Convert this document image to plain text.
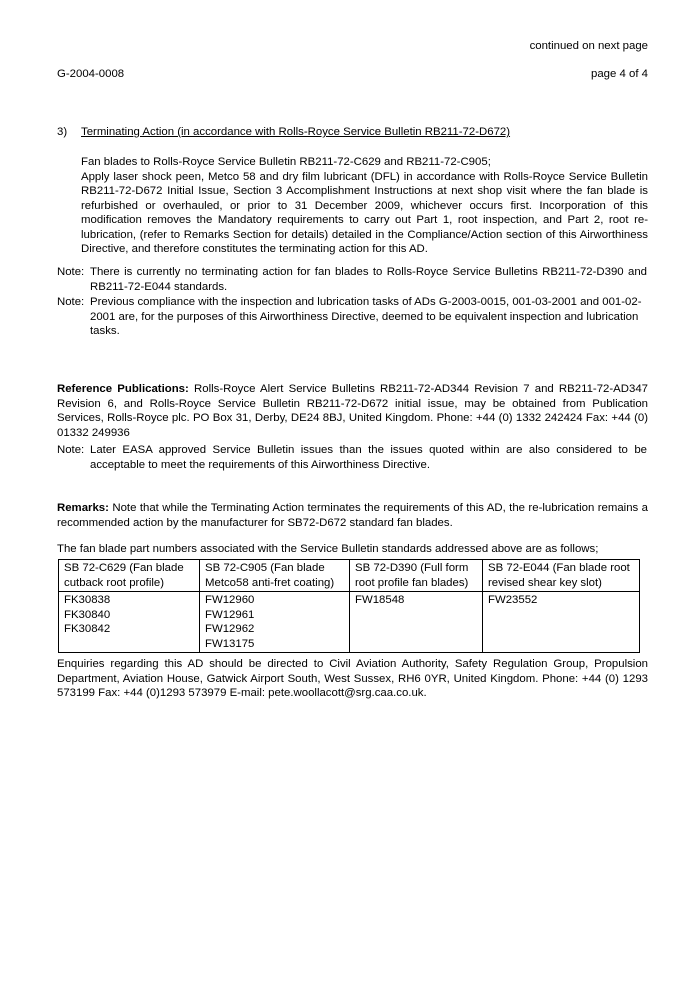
continued on next page
G-2004-0008	page 4 of 4
3) Terminating Action (in accordance with Rolls-Royce Service Bulletin RB211-72-D672)
Fan blades to Rolls-Royce Service Bulletin RB211-72-C629 and RB211-72-C905;
Apply laser shock peen, Metco 58 and dry film lubricant (DFL) in accordance with Rolls-Royce Service Bulletin RB211-72-D672 Initial Issue, Section 3 Accomplishment Instructions at next shop visit where the fan blade is refurbished or overhauled, or prior to 31 December 2009, whichever occurs first. Incorporation of this modification removes the Mandatory requirements to carry out Part 1, root inspection, and Part 2, root re-lubrication, (refer to Remarks Section for details) detailed in the Compliance/Action section of this Airworthiness Directive, and therefore constitutes the terminating action for this AD.
Note: There is currently no terminating action for fan blades to Rolls-Royce Service Bulletins RB211-72-D390 and RB211-72-E044 standards.
Note: Previous compliance with the inspection and lubrication tasks of ADs G-2003-0015, 001-03-2001 and 001-02-2001 are, for the purposes of this Airworthiness Directive, deemed to be equivalent inspection and lubrication tasks.
Reference Publications: Rolls-Royce Alert Service Bulletins RB211-72-AD344 Revision 7 and RB211-72-AD347 Revision 6, and Rolls-Royce Service Bulletin RB211-72-D672 initial issue, may be obtained from Publication Services, Rolls-Royce plc. PO Box 31, Derby, DE24 8BJ, United Kingdom. Phone: +44 (0) 1332 242424 Fax: +44 (0) 01332 249936
Note: Later EASA approved Service Bulletin issues than the issues quoted within are also considered to be acceptable to meet the requirements of this Airworthiness Directive.
Remarks: Note that while the Terminating Action terminates the requirements of this AD, the re-lubrication remains a recommended action by the manufacturer for SB72-D672 standard fan blades.
The fan blade part numbers associated with the Service Bulletin standards addressed above are as follows;
SB 72-C629 (Fan blade
cutback root profile)	SB 72-C905 (Fan blade
Metco58 anti-fret coating)	SB 72-D390 (Full form
root profile fan blades)	SB 72-E044 (Fan blade root
revised shear key slot)

FK30838
FK30840
FK30842	FW12960
FW12961
FW12962
FW13175	FW18548	FW23552
Enquiries regarding this AD should be directed to Civil Aviation Authority, Safety Regulation Group, Propulsion Department, Aviation House, Gatwick Airport South, West Sussex, RH6 0YR, United Kingdom. Phone: +44 (0) 1293 573199 Fax: +44 (0)1293 573979 E-mail: pete.woollacott@srg.caa.co.uk.
